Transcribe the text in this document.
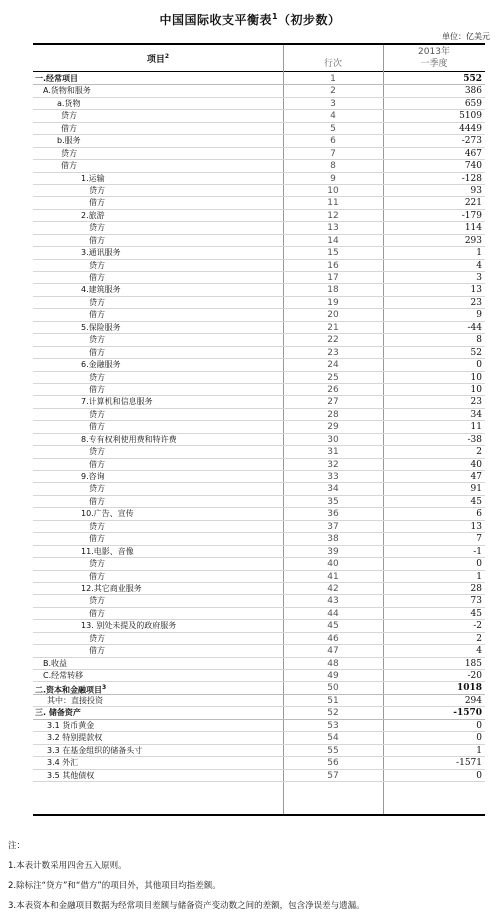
中国国际收支平衡表$^1$（初步数）
单位：亿美元
项目$^2$
行次
2013年
一季度
一.经常项目	1	552
A.货物和服务	2	386
a.货物	3	659
贷方	4	5109
借方	5	4449
b.服务	6	-273
贷方	7	467
借方	8	740
1.运输	9	-128
贷方	10	93
借方	11	221
2.旅游	12	-179
贷方	13	114
借方	14	293
3.通讯服务	15	1
贷方	16	4
借方	17	3
4.建筑服务	18	13
贷方	19	23
借方	20	9
5.保险服务	21	-44
贷方	22	8
借方	23	52
6.金融服务	24	0
贷方	25	10
借方	26	10
7.计算机和信息服务	27	23
贷方	28	34
借方	29	11
8.专有权利使用费和特许费	30	-38
贷方	31	2
借方	32	40
9.咨询	33	47
贷方	34	91
借方	35	45
10.广告、宣传	36	6
贷方	37	13
借方	38	7
11.电影、音像	39	-1
贷方	40	0
借方	41	1
12.其它商业服务	42	28
贷方	43	73
借方	44	45
13. 别处未提及的政府服务	45	-2
贷方	46	2
借方	47	4
B.收益	48	185
C.经常转移	49	-20
二.资本和金融项目$^3$	50	1018
其中：直接投资	51	294
三. 储备资产	52	-1570
3.1 货币黄金	53	0
3.2 特别提款权	54	0
3.3 在基金组织的储备头寸	55	1
3.4 外汇	56	-1571
3.5 其他债权	57	0
注：
1.本表计数采用四舍五入原则。
2.除标注“贷方”和“借方”的项目外，其他项目均指差额。
3.本表资本和金融项目数据为经常项目差额与储备资产变动数之间的差额，包含净误差与遗漏。
